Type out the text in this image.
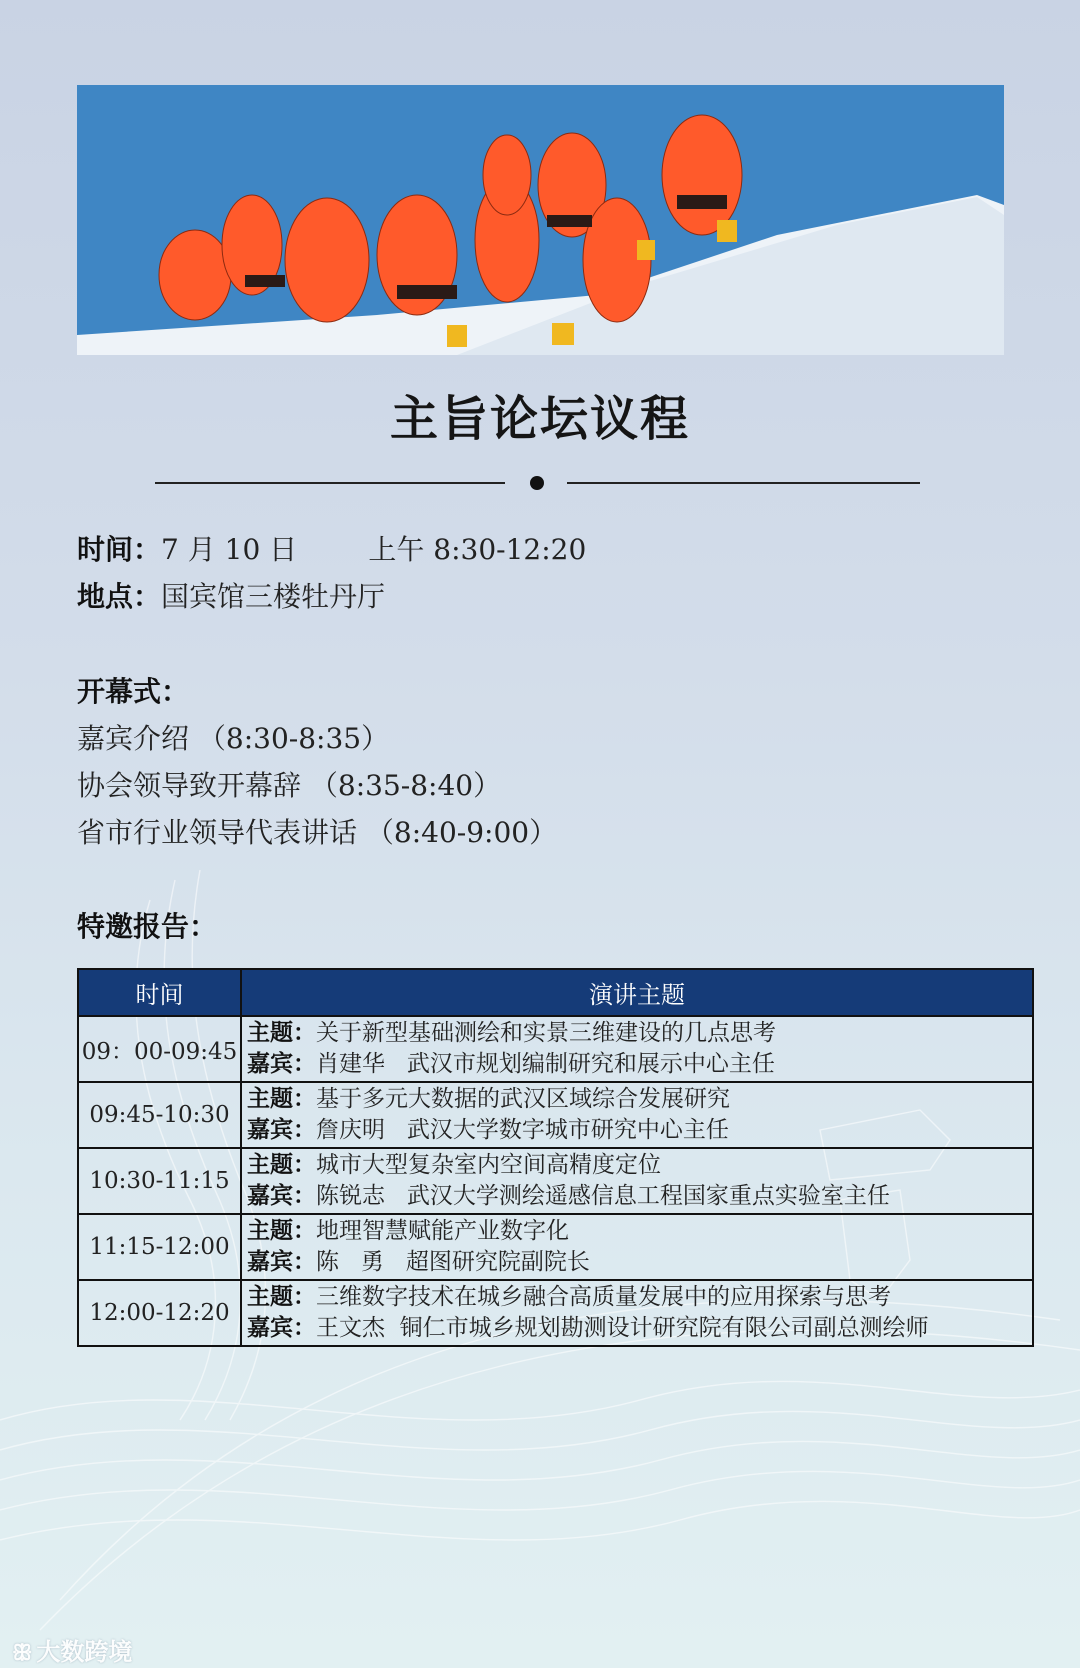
主旨论坛议程
时间：7 月 10 日        上午 8:30-12:20
地点：国宾馆三楼牡丹厅
开幕式：
嘉宾介绍 （8:30-8:35）
协会领导致开幕辞 （8:35-8:40）
省市行业领导代表讲话 （8:40-9:00）
特邀报告：
时间	演讲主题
09：00-09:45	主题：关于新型基础测绘和实景三维建设的几点思考
嘉宾：肖建华   武汉市规划编制研究和展示中心主任

09:45-10:30	主题：基于多元大数据的武汉区域综合发展研究
嘉宾：詹庆明   武汉大学数字城市研究中心主任

10:30-11:15	主题：城市大型复杂室内空间高精度定位
嘉宾：陈锐志   武汉大学测绘遥感信息工程国家重点实验室主任

11:15-12:00	主题：地理智慧赋能产业数字化
嘉宾：陈   勇   超图研究院副院长

12:00-12:20	主题：三维数字技术在城乡融合高质量发展中的应用探索与思考
嘉宾：王文杰  铜仁市城乡规划勘测设计研究院有限公司副总测绘师
ꕥ 大数跨境
